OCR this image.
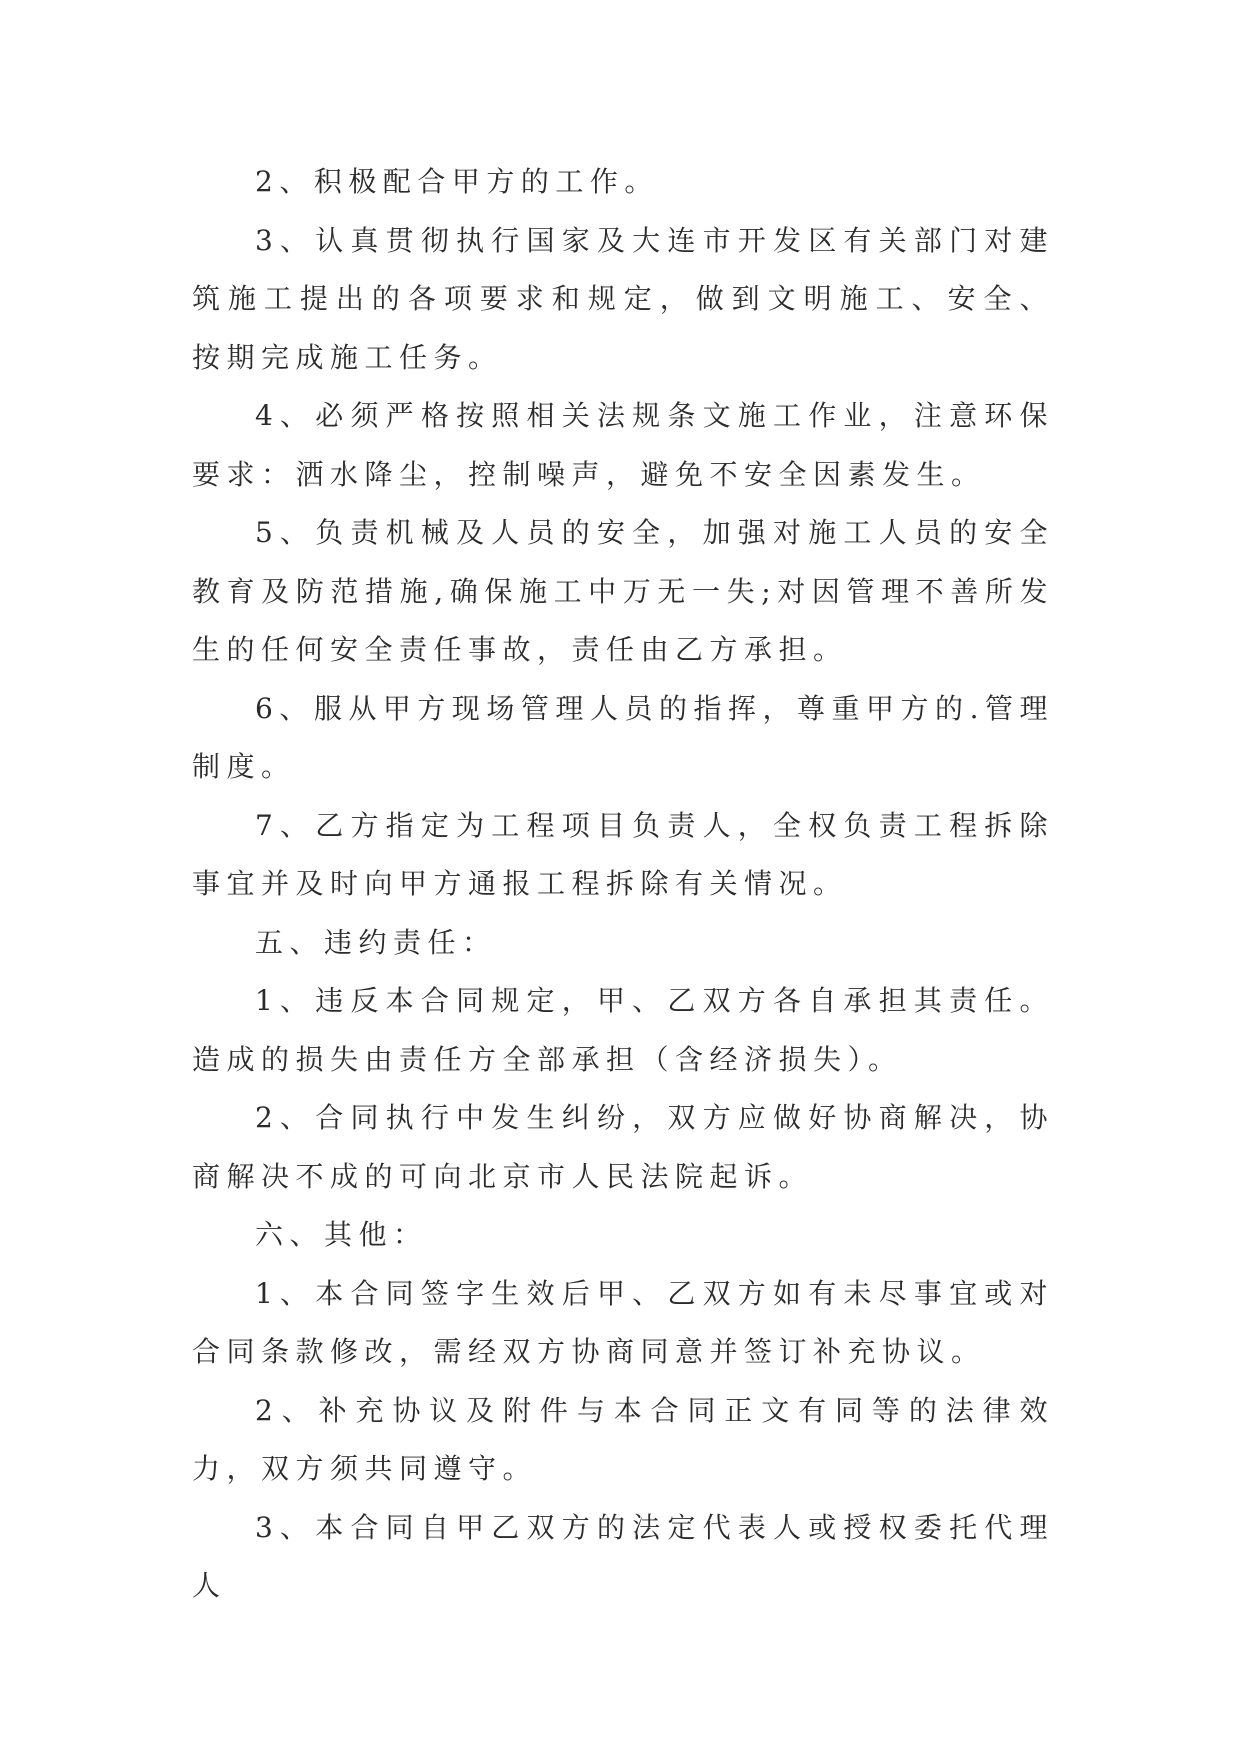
2、积极配合甲方的工作。

3、认真贯彻执行国家及大连市开发区有关部门对建筑施工提出的各项要求和规定，做到文明施工、安全、按期完成施工任务。

4、必须严格按照相关法规条文施工作业，注意环保要求：洒水降尘，控制噪声，避免不安全因素发生。

5、负责机械及人员的安全，加强对施工人员的安全教育及防范措施,确保施工中万无一失;对因管理不善所发生的任何安全责任事故，责任由乙方承担。

6、服从甲方现场管理人员的指挥，尊重甲方的.管理制度。

7、乙方指定为工程项目负责人，全权负责工程拆除事宜并及时向甲方通报工程拆除有关情况。

五、违约责任：

1、违反本合同规定，甲、乙双方各自承担其责任。造成的损失由责任方全部承担（含经济损失）。

2、合同执行中发生纠纷，双方应做好协商解决，协商解决不成的可向北京市人民法院起诉。

六、其他：

1、本合同签字生效后甲、乙双方如有未尽事宜或对合同条款修改，需经双方协商同意并签订补充协议。

2、补充协议及附件与本合同正文有同等的法律效力，双方须共同遵守。

3、本合同自甲乙双方的法定代表人或授权委托代理人
